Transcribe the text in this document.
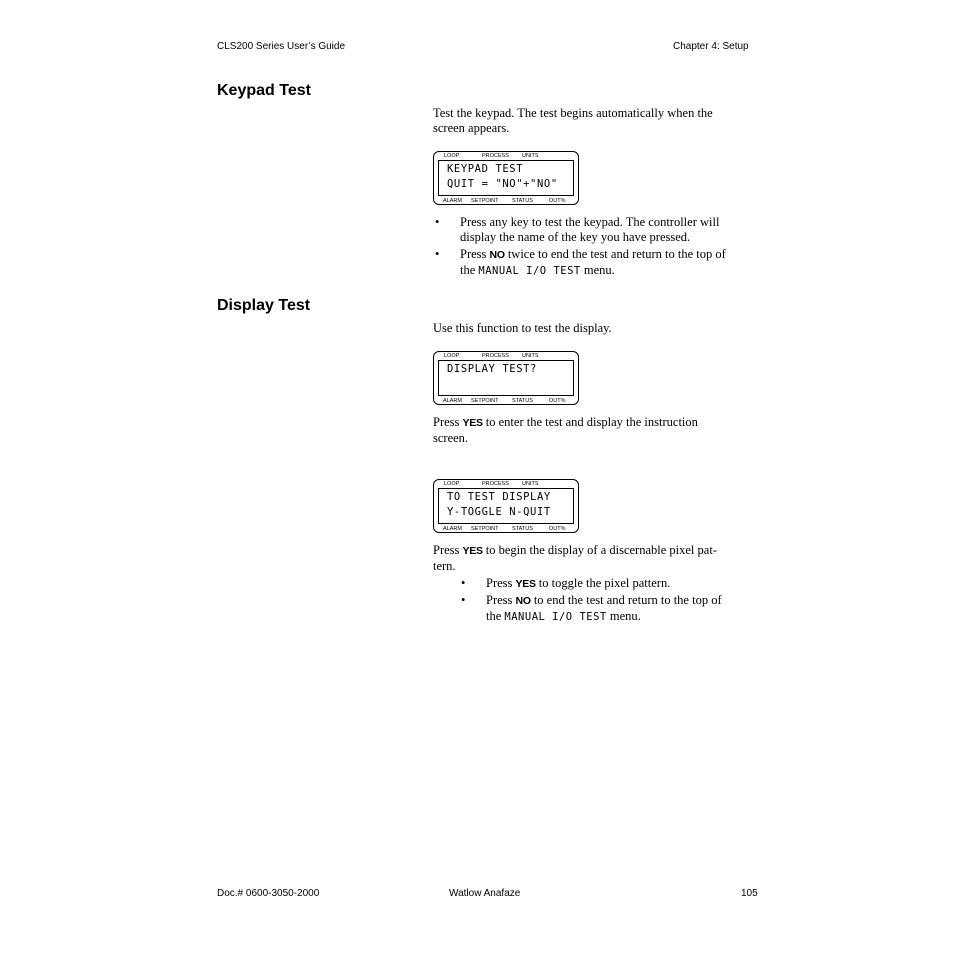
CLS200 Series User’s Guide	Chapter 4: Setup
Keypad Test
Test the keypad. The test begins automatically when the
screen appears.
LOOP	PROCESS UNITS
KEYPAD TEST
QUIT = "NO"+"NO"
ALARM SETPOINT STATUS	OUT%
• Press any key to test the keypad. The controller will
display the name of the key you have pressed.
• Press NO twice to end the test and return to the top of
the MANUAL I/O TEST menu.
Display Test
Use this function to test the display.
LOOP	PROCESS UNITS
DISPLAY TEST?
ALARM SETPOINT STATUS	OUT%
Press YES to enter the test and display the instruction
screen.
LOOP	PROCESS UNITS
TO TEST DISPLAY
Y-TOGGLE N-QUIT
ALARM SETPOINT STATUS	OUT%
Press YES to begin the display of a discernable pixel pat-
tern.
• Press YES to toggle the pixel pattern.
• Press NO to end the test and return to the top of
the MANUAL I/O TEST menu.
Doc.# 0600-3050-2000	Watlow Anafaze	105
